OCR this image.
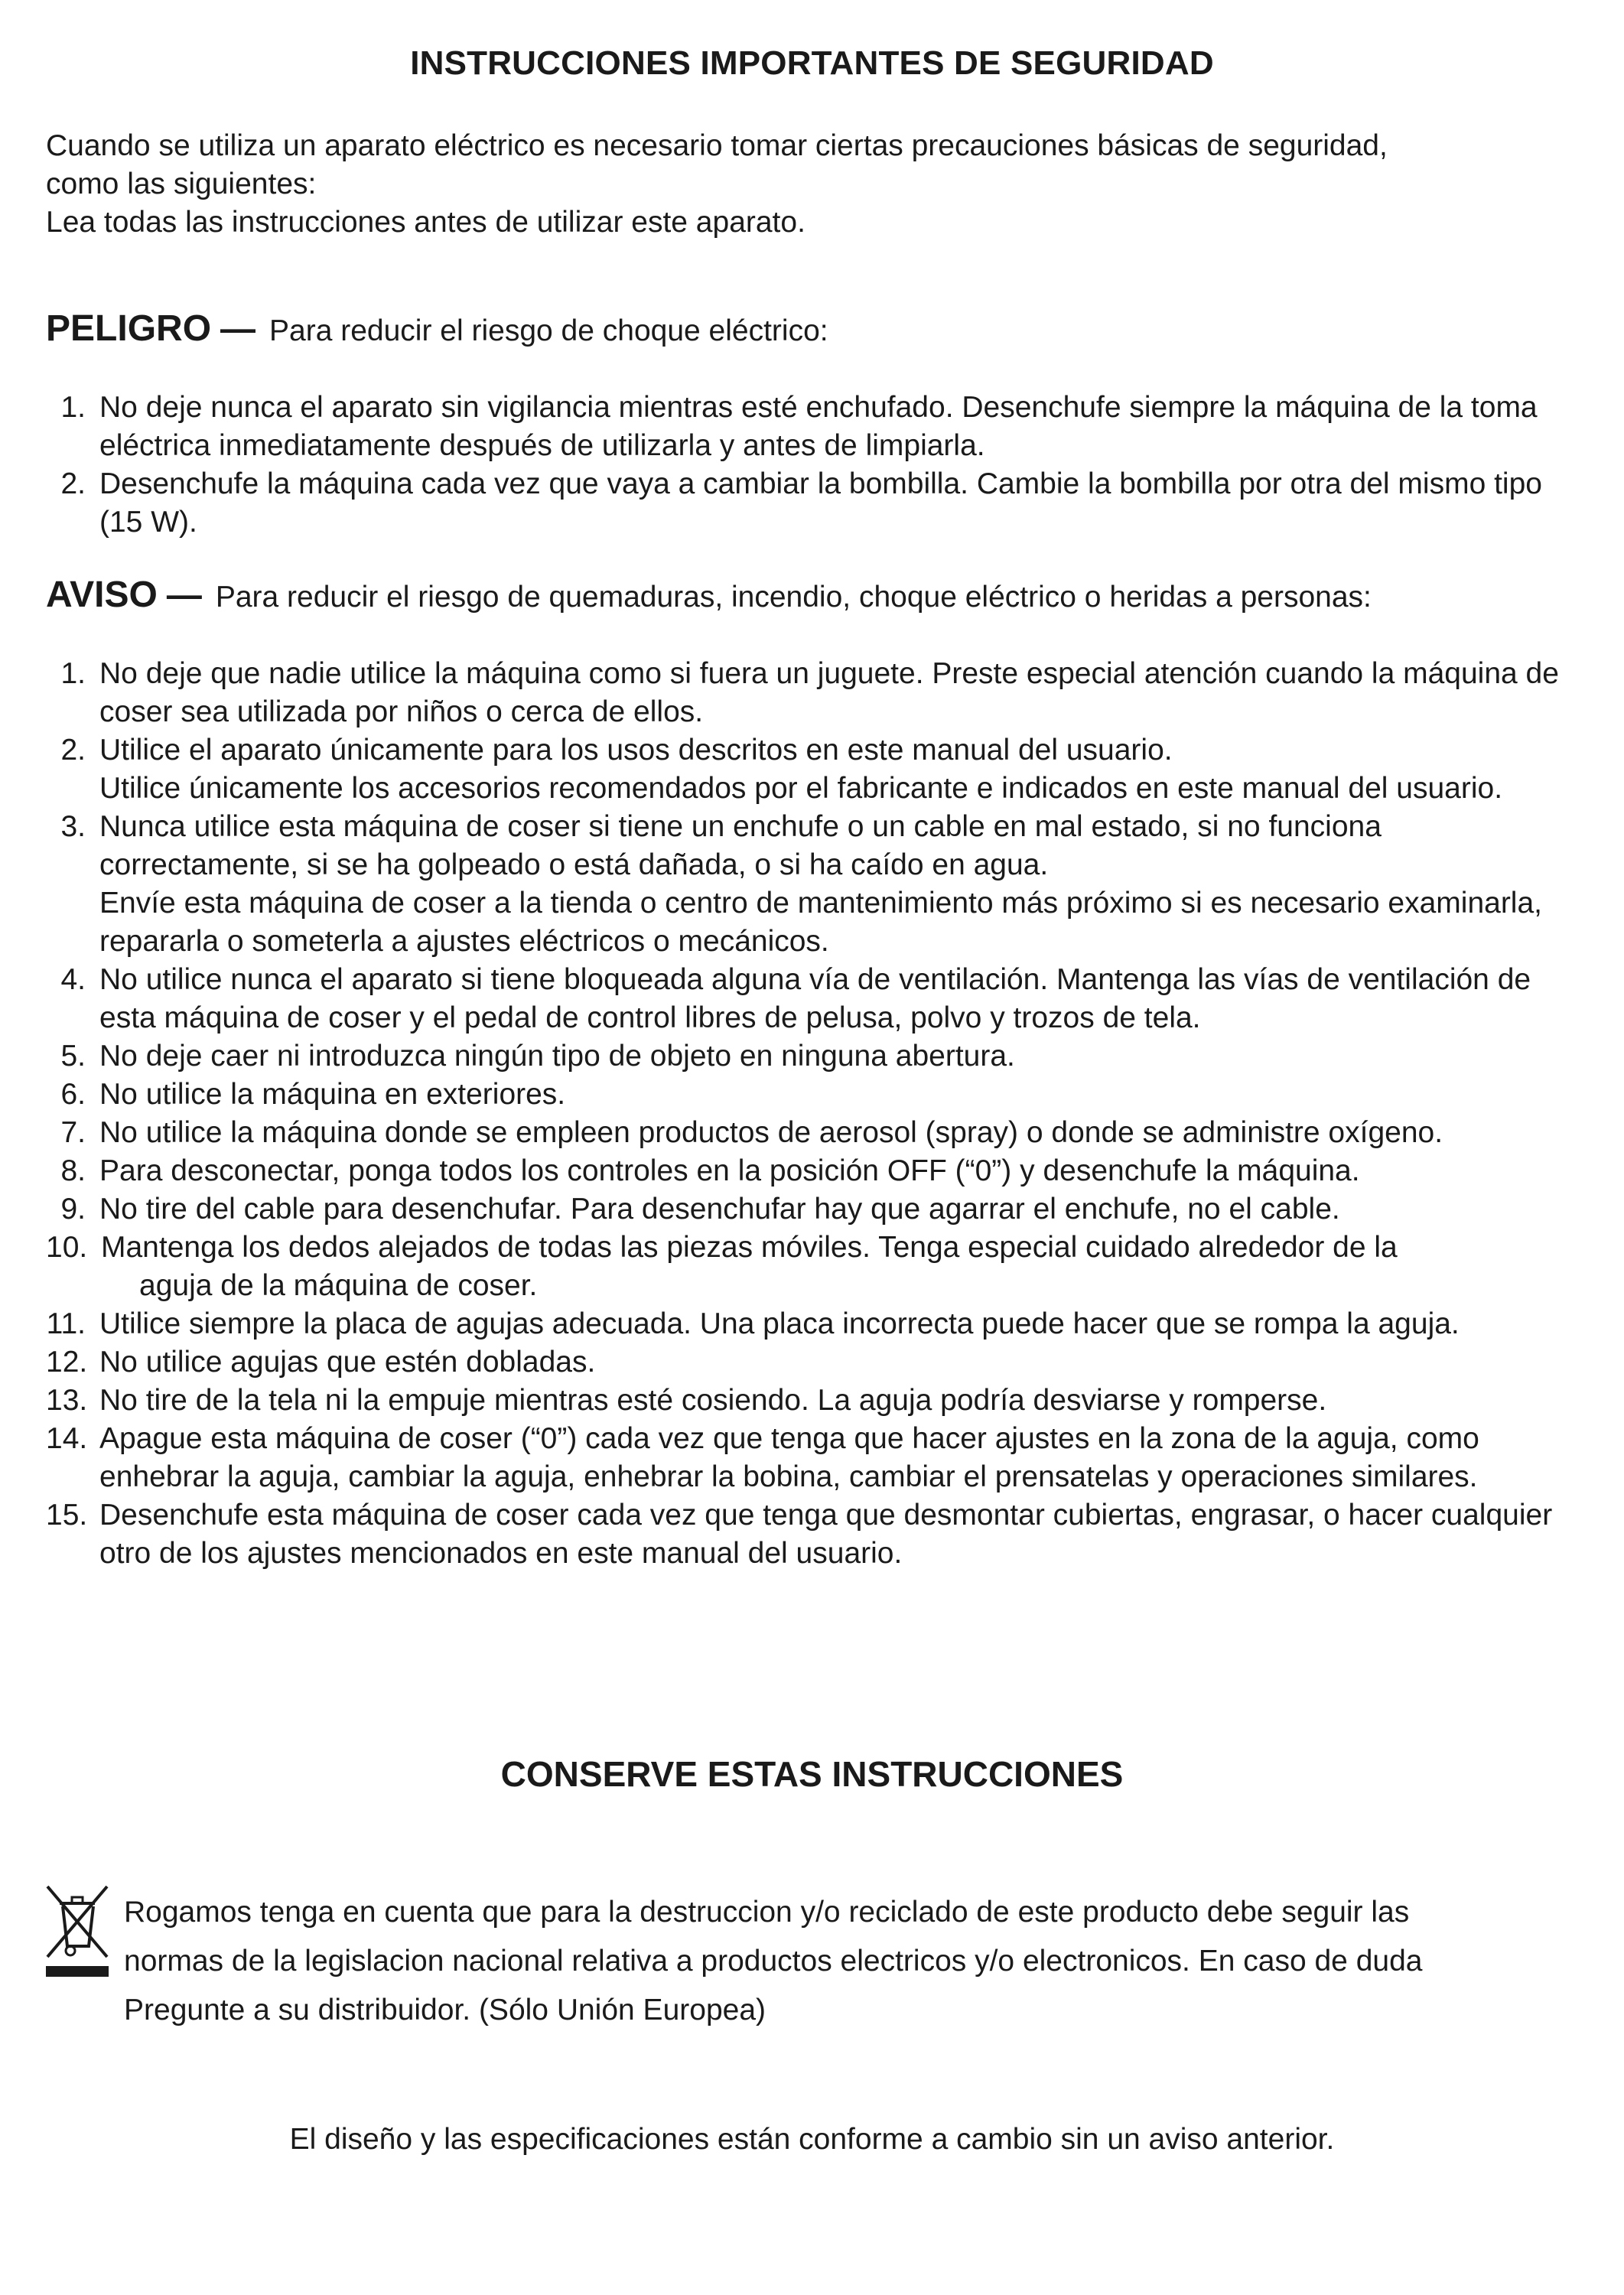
INSTRUCCIONES IMPORTANTES DE SEGURIDAD

Cuando se utiliza un aparato eléctrico es necesario tomar ciertas precauciones básicas de seguridad,

como las siguientes:

Lea todas las instrucciones antes de utilizar este aparato.

PELIGRO — Para reducir el riesgo de choque eléctrico:
1. No deje nunca el aparato sin vigilancia mientras esté enchufado. Desenchufe siempre la máquina de la toma eléctrica inmediatamente después de utilizarla y antes de limpiarla.

2. Desenchufe la máquina cada vez que vaya a cambiar la bombilla. Cambie la bombilla por otra del mismo tipo (15 W).

AVISO — Para reducir el riesgo de quemaduras, incendio, choque eléctrico o heridas a personas:
1. No deje que nadie utilice la máquina como si fuera un juguete. Preste especial atención cuando la máquina de coser sea utilizada por niños o cerca de ellos.

2. Utilice el aparato únicamente para los usos descritos en este manual del usuario.

Utilice únicamente los accesorios recomendados por el fabricante e indicados en este manual del usuario.

3. Nunca utilice esta máquina de coser si tiene un enchufe o un cable en mal estado, si no funciona correctamente, si se ha golpeado o está dañada, o si ha caído en agua.

Envíe esta máquina de coser a la tienda o centro de mantenimiento más próximo si es necesario examinarla, repararla o someterla a ajustes eléctricos o mecánicos.

4. No utilice nunca el aparato si tiene bloqueada alguna vía de ventilación. Mantenga las vías de ventilación de esta máquina de coser y el pedal de control libres de pelusa, polvo y trozos de tela.

5. No deje caer ni introduzca ningún tipo de objeto en ninguna abertura.

6. No utilice la máquina en exteriores.

7. No utilice la máquina donde se empleen productos de aerosol (spray) o donde se administre oxígeno.

8. Para desconectar, ponga todos los controles en la posición OFF (“0”) y desenchufe la máquina.

9. No tire del cable para desenchufar. Para desenchufar hay que agarrar el enchufe, no el cable.

10. Mantenga los dedos alejados de todas las piezas móviles. Tenga especial cuidado alrededor de la

aguja de la máquina de coser.

11. Utilice siempre la placa de agujas adecuada. Una placa incorrecta puede hacer que se rompa la aguja.

12. No utilice agujas que estén dobladas.

13. No tire de la tela ni la empuje mientras esté cosiendo. La aguja podría desviarse y romperse.

14. Apague esta máquina de coser (“0”) cada vez que tenga que hacer ajustes en la zona de la aguja, como enhebrar la aguja, cambiar la aguja, enhebrar la bobina, cambiar el prensatelas y operaciones similares.

15. Desenchufe esta máquina de coser cada vez que tenga que desmontar cubiertas, engrasar, o hacer cualquier otro de los ajustes mencionados en este manual del usuario.

CONSERVE ESTAS INSTRUCCIONES

Rogamos tenga en cuenta que para la destruccion y/o reciclado de este producto debe seguir las

normas de la legislacion nacional relativa a productos electricos y/o electronicos. En caso de duda

Pregunte a su distribuidor. (Sólo Unión Europea)

El diseño y las especificaciones están conforme a cambio sin un aviso anterior.
